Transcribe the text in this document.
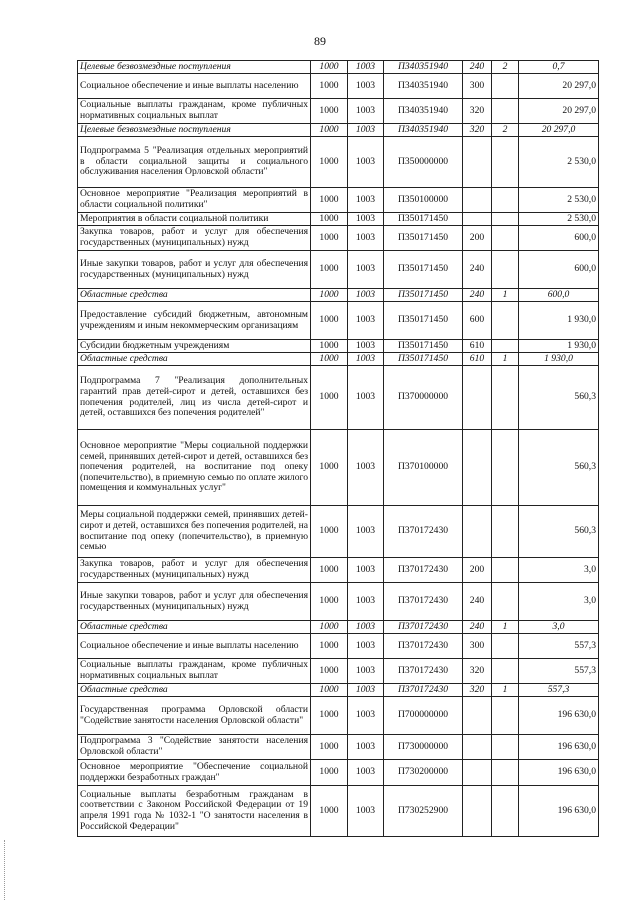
89
Целевые безвозмездные поступления	1000	1003	П340351940	240	2	0,7
Социальное обеспечение и иные выплаты населению	1000	1003	П340351940	300		20 297,0
Социальные выплаты гражданам, кроме публичных нормативных социальных выплат	1000	1003	П340351940	320		20 297,0
Целевые безвозмездные поступления	1000	1003	П340351940	320	2	20 297,0
Подпрограмма 5 "Реализация отдельных мероприятий в области социальной защиты и социального обслуживания населения Орловской области"	1000	1003	П350000000			2 530,0
Основное мероприятие "Реализация мероприятий в области социальной политики"	1000	1003	П350100000			2 530,0
Мероприятия в области социальной политики	1000	1003	П350171450			2 530,0
Закупка товаров, работ и услуг для обеспечения государственных (муниципальных) нужд	1000	1003	П350171450	200		600,0
Иные закупки товаров, работ и услуг для обеспечения государственных (муниципальных) нужд	1000	1003	П350171450	240		600,0
Областные средства	1000	1003	П350171450	240	1	600,0
Предоставление субсидий бюджетным, автономным учреждениям и иным некоммерческим организациям	1000	1003	П350171450	600		1 930,0
Субсидии бюджетным учреждениям	1000	1003	П350171450	610		1 930,0
Областные средства	1000	1003	П350171450	610	1	1 930,0
Подпрограмма 7 "Реализация дополнительных гарантий прав детей-сирот и детей, оставшихся без попечения родителей, лиц из числа детей-сирот и детей, оставшихся без попечения родителей"	1000	1003	П370000000			560,3
Основное мероприятие "Меры социальной поддержки семей, принявших детей-сирот и детей, оставшихся без попечения родителей, на воспитание под опеку (попечительство), в приемную семью по оплате жилого помещения и коммунальных услуг"	1000	1003	П370100000			560,3
Меры социальной поддержки семей, принявших детей-сирот и детей, оставшихся без попечения родителей, на воспитание под опеку (попечительство), в приемную семью	1000	1003	П370172430			560,3
Закупка товаров, работ и услуг для обеспечения государственных (муниципальных) нужд	1000	1003	П370172430	200		3,0
Иные закупки товаров, работ и услуг для обеспечения государственных (муниципальных) нужд	1000	1003	П370172430	240		3,0
Областные средства	1000	1003	П370172430	240	1	3,0
Социальное обеспечение и иные выплаты населению	1000	1003	П370172430	300		557,3
Социальные выплаты гражданам, кроме публичных нормативных социальных выплат	1000	1003	П370172430	320		557,3
Областные средства	1000	1003	П370172430	320	1	557,3
Государственная программа Орловской области "Содействие занятости населения Орловской области"	1000	1003	П700000000			196 630,0
Подпрограмма 3 "Содействие занятости населения Орловской области"	1000	1003	П730000000			196 630,0
Основное мероприятие "Обеспечение социальной поддержки безработных граждан"	1000	1003	П730200000			196 630,0
Социальные выплаты безработным гражданам в соответствии с Законом Российской Федерации от 19 апреля 1991 года № 1032-1 "О занятости населения в Российской Федерации"	1000	1003	П730252900			196 630,0
